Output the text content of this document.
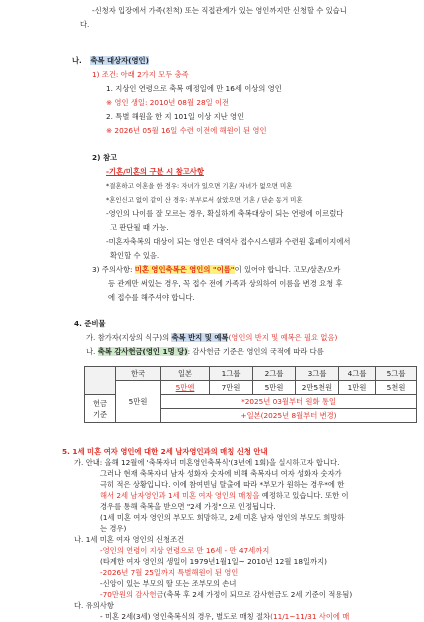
-신청자 입장에서 가족(친척) 또는 직접관계가 있는 영인까지만 신청할 수 있습니
다.
나. 축복 대상자(영인)
1) 조건: 아래 2가지 모두 충족
1. 지상인 연령으로 축복 예정일에 만 16세 이상의 영인
※ 영인 생일: 2010년 08월 28일 이전
2. 특별 해원을 한 지 101일 이상 지난 영인
※ 2026년 05월 16일 수련 이전에 해원이 된 영인
2) 참고
-기혼/미혼의 구분 시 참고사항
*결혼하고 이혼을 한 경우: 자녀가 있으면 기혼/ 자녀가 없으면 미혼
*혼인신고 없이 같이 산 경우: 부부로서 살았으면 기혼 / 단순 동거 미혼
-영인의 나이를 잘 모르는 경우, 확실하게 축복대상이 되는 연령에 이르렀다
고 판단될 때 가능.
-미혼자축복의 대상이 되는 영인은 대역사 접수시스템과 수련원 홈페이지에서
확인할 수 있음.
3) 주의사항: 미혼 영인축복은 영인의 "이름"이 있어야 합니다. 고모/삼촌/오카
등 관계만 써있는 경우, 꼭 접수 전에 가족과 상의하여 이름을 변경 요청 후
에 접수를 해주셔야 합니다.
4. 준비물
가. 참가자(지상의 식구)의 축복 반지 및 예복(영인의 반지 및 예복은 필요 없음)
나. 축복 감사헌금(영인 1명 당): 감사헌금 기준은 영인의 국적에 따라 다름
	한국	일본	1그룹	2그룹	3그룹	4그룹	5그룹
	5만원	5만엔	7만원	5만원	2만5천원	1만원	5천원
헌금
기준		*2025년 03월부터 원화 통일					
		+일본(2025년 8월부터 변경)					
5. 1세 미혼 여자 영인에 대한 2세 남자영인과의 매칭 신청 안내
가. 안내: 올해 12월에 '축복자녀 미혼영인축복식'(3년에 1회)을 실시하고자 합니다.
그러나 현재 축복자녀 남자 성화자 숫자에 비해 축복자녀 여자 성화자 숫자가
극히 적은 상황입니다. 이에 참여빈님 탈출에 따라 *부모가 원하는 경우*에 한
해서 2세 남자영인과 1세 미혼 여자 영인의 매칭을 예정하고 있습니다. 또한 이
경우를 통해 축복을 받으면 "2세 가정"으로 인정됩니다.
(1세 미혼 여자 영인의 부모도 희망하고, 2세 미혼 남자 영인의 부모도 희망하
는 경우)
나. 1세 미혼 여자 영인의 신청조건
-영인의 연령이 지상 연령으로 만 16세 - 만 47세까지
(타계한 여자 영인의 생일이 1979년1월1일~ 2010년 12월 18일까지)
-2026년 7월 25일까지 특별해원이 된 영인
-신앙이 있는 부모의 딸 또는 조부모의 손녀
-70만원의 감사헌금(축복 후 2세 가정이 되므로 감사헌금도 2세 기준이 적용됨)
다. 유의사항
- 미혼 2세(3세) 영인축복식의 경우, 별도로 매칭 절차(11/1~11/31 사이에 매
